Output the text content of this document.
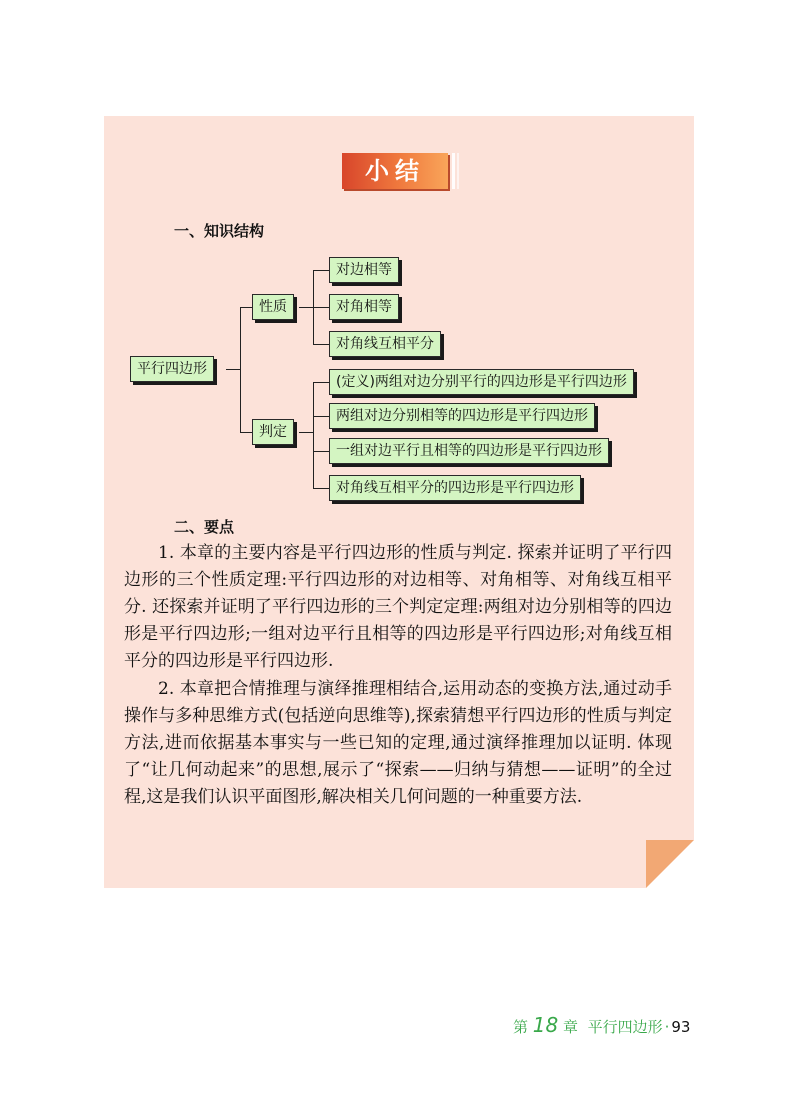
小结
一、知识结构
平行四边形
性质
判定
对边相等
对角相等
对角线互相平分
(定义)两组对边分别平行的四边形是平行四边形
两组对边分别相等的四边形是平行四边形
一组对边平行且相等的四边形是平行四边形
对角线互相平分的四边形是平行四边形
二、要点

1. 本章的主要内容是平行四边形的性质与判定. 探索并证明了平行四边形的三个性质定理:平行四边形的对边相等、对角相等、对角线互相平分. 还探索并证明了平行四边形的三个判定定理:两组对边分别相等的四边形是平行四边形;一组对边平行且相等的四边形是平行四边形;对角线互相平分的四边形是平行四边形.

2. 本章把合情推理与演绎推理相结合,运用动态的变换方法,通过动手操作与多种思维方式(包括逆向思维等),探索猜想平行四边形的性质与判定方法,进而依据基本事实与一些已知的定理,通过演绎推理加以证明. 体现了“让几何动起来”的思想,展示了“探索——归纳与猜想——证明”的全过程,这是我们认识平面图形,解决相关几何问题的一种重要方法.

第 18 章 平行四边形 · 93
